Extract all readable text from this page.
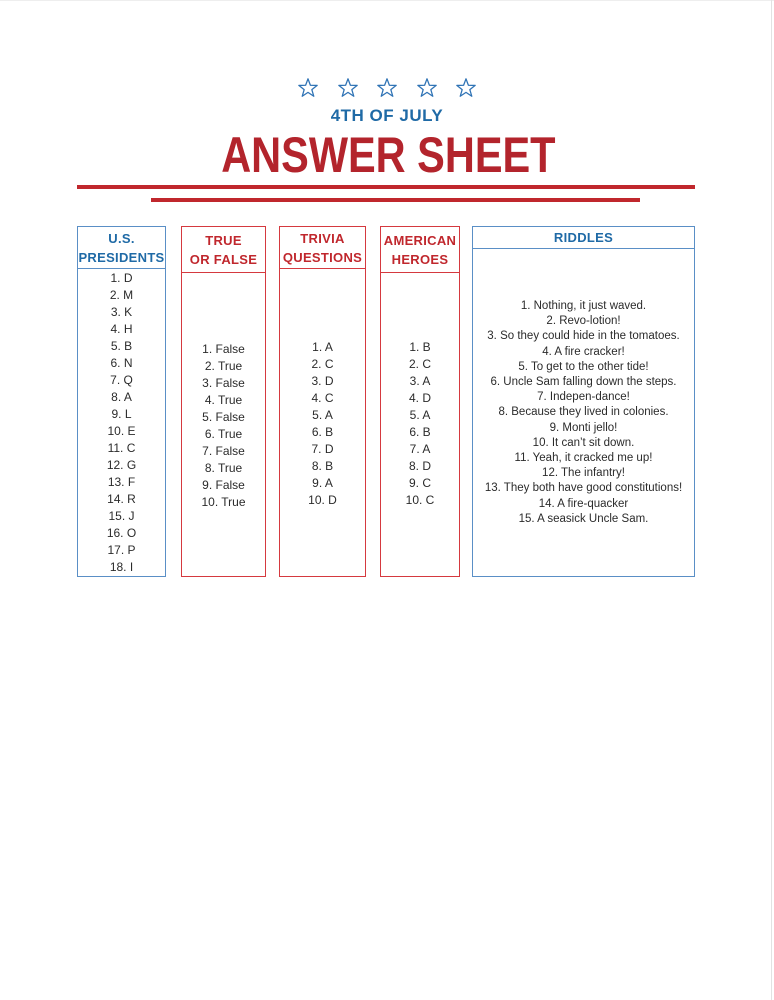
4TH OF JULY
ANSWER SHEET
U.S.
PRESIDENTS
1. D
2. M
3. K
4. H
5. B
6. N
7. Q
8. A
9. L
10. E
11. C
12. G
13. F
14. R
15. J
16. O
17. P
18. I
TRUE
OR FALSE
1. False
2. True
3. False
4. True
5. False
6. True
7. False
8. True
9. False
10. True
TRIVIA
QUESTIONS
1. A
2. C
3. D
4. C
5. A
6. B
7. D
8. B
9. A
10. D
AMERICAN
HEROES
1. B
2. C
3. A
4. D
5. A
6. B
7. A
8. D
9. C
10. C
RIDDLES
1. Nothing, it just waved.
2. Revo-lotion!
3. So they could hide in the tomatoes.
4. A fire cracker!
5. To get to the other tide!
6. Uncle Sam falling down the steps.
7. Indepen-dance!
8. Because they lived in colonies.
9. Monti jello!
10. It can’t sit down.
11. Yeah, it cracked me up!
12. The infantry!
13. They both have good constitutions!
14. A fire-quacker
15. A seasick Uncle Sam.
